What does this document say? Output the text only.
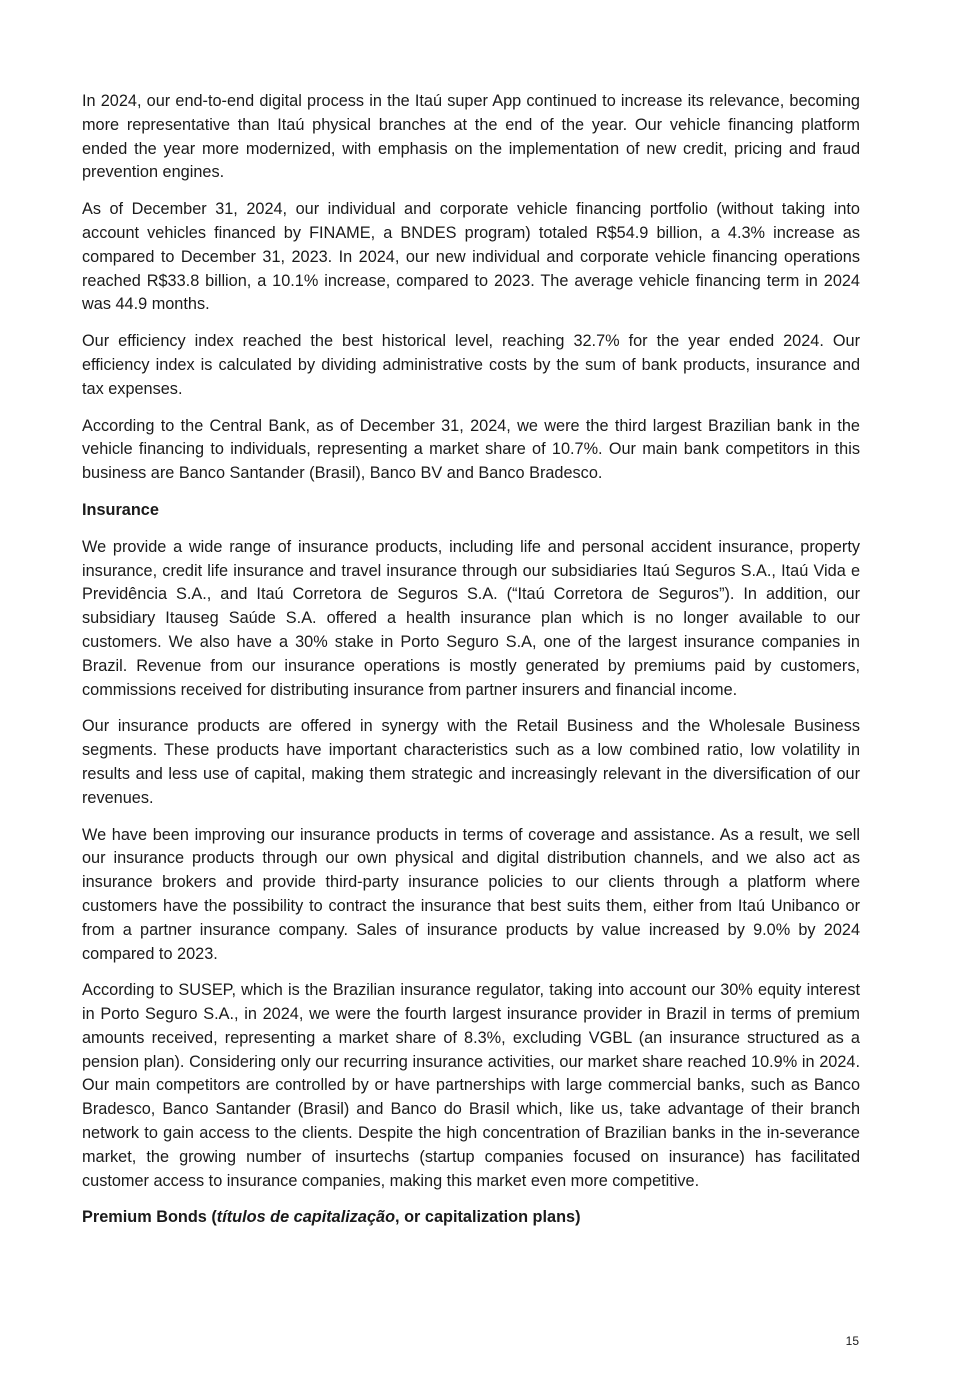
In 2024, our end-to-end digital process in the Itaú super App continued to increase its relevance, becoming more representative than Itaú physical branches at the end of the year. Our vehicle financing platform ended the year more modernized, with emphasis on the implementation of new credit, pricing and fraud prevention engines.

As of December 31, 2024, our individual and corporate vehicle financing portfolio (without taking into account vehicles financed by FINAME, a BNDES program) totaled R$54.9 billion, a 4.3% increase as compared to December 31, 2023. In 2024, our new individual and corporate vehicle financing operations reached R$33.8 billion, a 10.1% increase, compared to 2023. The average vehicle financing term in 2024 was 44.9 months.

Our efficiency index reached the best historical level, reaching 32.7% for the year ended 2024. Our efficiency index is calculated by dividing administrative costs by the sum of bank products, insurance and tax expenses.

According to the Central Bank, as of December 31, 2024, we were the third largest Brazilian bank in the vehicle financing to individuals, representing a market share of 10.7%. Our main bank competitors in this business are Banco Santander (Brasil), Banco BV and Banco Bradesco.

Insurance

We provide a wide range of insurance products, including life and personal accident insurance, property insurance, credit life insurance and travel insurance through our subsidiaries Itaú Seguros S.A., Itaú Vida e Previdência S.A., and Itaú Corretora de Seguros S.A. (“Itaú Corretora de Seguros”). In addition, our subsidiary Itauseg Saúde S.A. offered a health insurance plan which is no longer available to our customers. We also have a 30% stake in Porto Seguro S.A, one of the largest insurance companies in Brazil. Revenue from our insurance operations is mostly generated by premiums paid by customers, commissions received for distributing insurance from partner insurers and financial income.

Our insurance products are offered in synergy with the Retail Business and the Wholesale Business segments. These products have important characteristics such as a low combined ratio, low volatility in results and less use of capital, making them strategic and increasingly relevant in the diversification of our revenues.

We have been improving our insurance products in terms of coverage and assistance. As a result, we sell our insurance products through our own physical and digital distribution channels, and we also act as insurance brokers and provide third-party insurance policies to our clients through a platform where customers have the possibility to contract the insurance that best suits them, either from Itaú Unibanco or from a partner insurance company. Sales of insurance products by value increased by 9.0% by 2024 compared to 2023.

According to SUSEP, which is the Brazilian insurance regulator, taking into account our 30% equity interest in Porto Seguro S.A., in 2024, we were the fourth largest insurance provider in Brazil in terms of premium amounts received, representing a market share of 8.3%, excluding VGBL (an insurance structured as a pension plan). Considering only our recurring insurance activities, our market share reached 10.9% in 2024. Our main competitors are controlled by or have partnerships with large commercial banks, such as Banco Bradesco, Banco Santander (Brasil) and Banco do Brasil which, like us, take advantage of their branch network to gain access to the clients. Despite the high concentration of Brazilian banks in the in-severance market, the growing number of insurtechs (startup companies focused on insurance) has facilitated customer access to insurance companies, making this market even more competitive.

Premium Bonds (títulos de capitalização, or capitalization plans)

15
